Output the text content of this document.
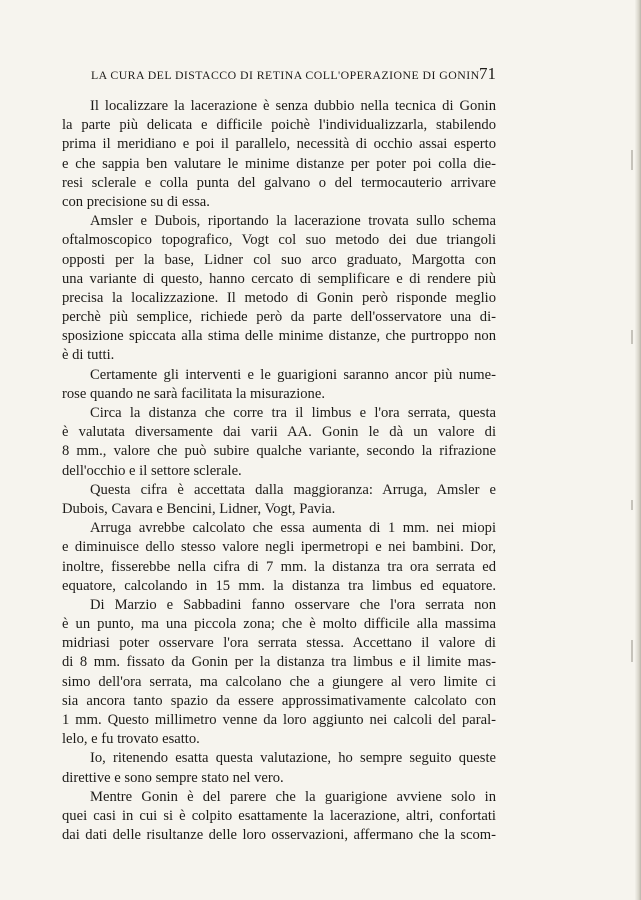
LA CURA DEL DISTACCO DI RETINA COLL'OPERAZIONE DI GONIN 71
Il localizzare la lacerazione è senza dubbio nella tecnica di Gonin
la parte più delicata e difficile poichè l'individualizzarla, stabilendo
prima il meridiano e poi il parallelo, necessità di occhio assai esperto
e che sappia ben valutare le minime distanze per poter poi colla die-
resi sclerale e colla punta del galvano o del termocauterio arrivare
con precisione su di essa.
Amsler e Dubois, riportando la lacerazione trovata sullo schema
oftalmoscopico topografico, Vogt col suo metodo dei due triangoli
opposti per la base, Lidner col suo arco graduato, Margotta con
una variante di questo, hanno cercato di semplificare e di rendere più
precisa la localizzazione. Il metodo di Gonin però risponde meglio
perchè più semplice, richiede però da parte dell'osservatore una di-
sposizione spiccata alla stima delle minime distanze, che purtroppo non
è di tutti.
Certamente gli interventi e le guarigioni saranno ancor più nume-
rose quando ne sarà facilitata la misurazione.
Circa la distanza che corre tra il limbus e l'ora serrata, questa
è valutata diversamente dai varii AA. Gonin le dà un valore di
8 mm., valore che può subire qualche variante, secondo la rifrazione
dell'occhio e il settore sclerale.
Questa cifra è accettata dalla maggioranza: Arruga, Amsler e
Dubois, Cavara e Bencini, Lidner, Vogt, Pavia.
Arruga avrebbe calcolato che essa aumenta di 1 mm. nei miopi
e diminuisce dello stesso valore negli ipermetropi e nei bambini. Dor,
inoltre, fisserebbe nella cifra di 7 mm. la distanza tra ora serrata ed
equatore, calcolando in 15 mm. la distanza tra limbus ed equatore.
Di Marzio e Sabbadini fanno osservare che l'ora serrata non
è un punto, ma una piccola zona; che è molto difficile alla massima
midriasi poter osservare l'ora serrata stessa. Accettano il valore di
di 8 mm. fissato da Gonin per la distanza tra limbus e il limite mas-
simo dell'ora serrata, ma calcolano che a giungere al vero limite ci
sia ancora tanto spazio da essere approssimativamente calcolato con
1 mm. Questo millimetro venne da loro aggiunto nei calcoli del paral-
lelo, e fu trovato esatto.
Io, ritenendo esatta questa valutazione, ho sempre seguito queste
direttive e sono sempre stato nel vero.
Mentre Gonin è del parere che la guarigione avviene solo in
quei casi in cui si è colpito esattamente la lacerazione, altri, confortati
dai dati delle risultanze delle loro osservazioni, affermano che la scom-
